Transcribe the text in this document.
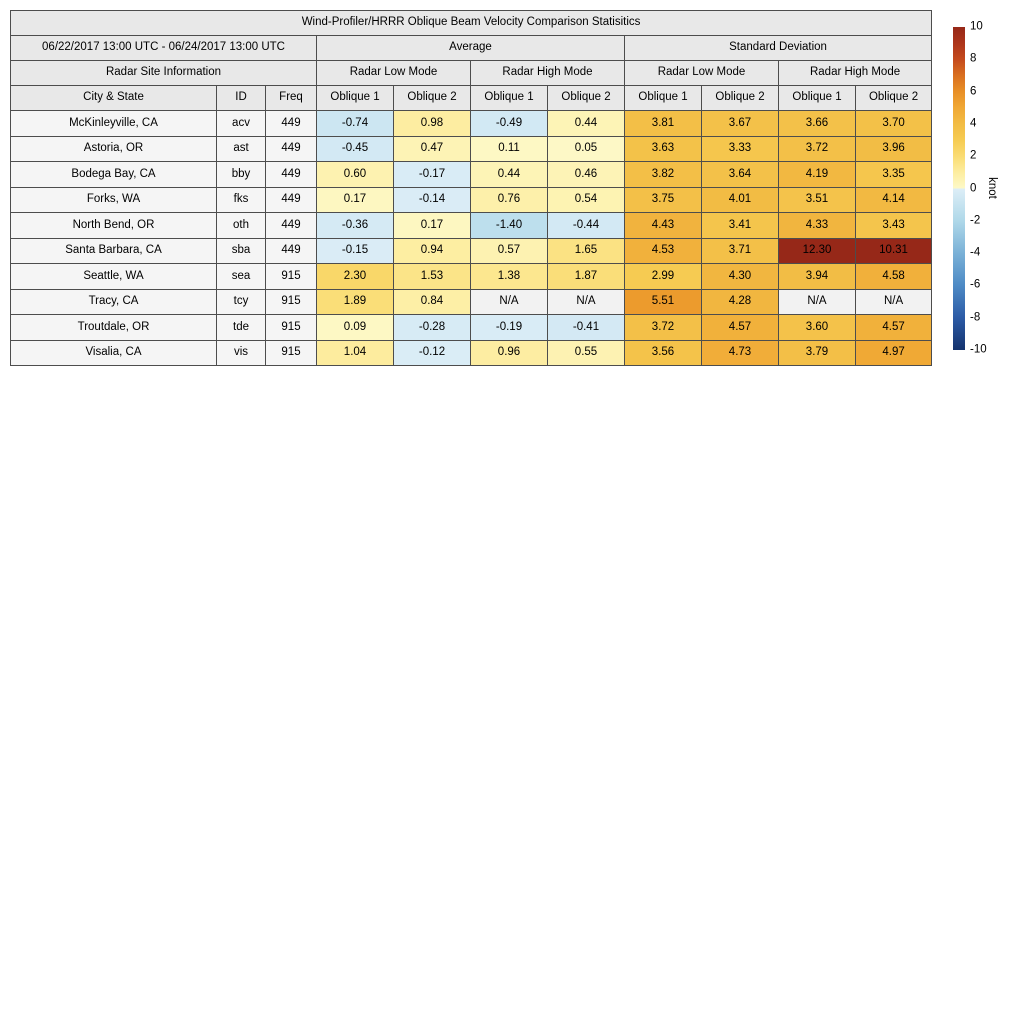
Wind-Profiler/HRRR Oblique Beam Velocity Comparison Statisitics										
06/22/2017 13:00 UTC - 06/24/2017 13:00 UTC			Average				Standard Deviation			
Radar Site Information			Radar Low Mode		Radar High Mode		Radar Low Mode		Radar High Mode	
City & State	ID	Freq	Oblique 1	Oblique 2	Oblique 1	Oblique 2	Oblique 1	Oblique 2	Oblique 1	Oblique 2
McKinleyville, CA	acv	449	-0.74	0.98	-0.49	0.44	3.81	3.67	3.66	3.70
Astoria, OR	ast	449	-0.45	0.47	0.11	0.05	3.63	3.33	3.72	3.96
Bodega Bay, CA	bby	449	0.60	-0.17	0.44	0.46	3.82	3.64	4.19	3.35
Forks, WA	fks	449	0.17	-0.14	0.76	0.54	3.75	4.01	3.51	4.14
North Bend, OR	oth	449	-0.36	0.17	-1.40	-0.44	4.43	3.41	4.33	3.43
Santa Barbara, CA	sba	449	-0.15	0.94	0.57	1.65	4.53	3.71	12.30	10.31
Seattle, WA	sea	915	2.30	1.53	1.38	1.87	2.99	4.30	3.94	4.58
Tracy, CA	tcy	915	1.89	0.84	N/A	N/A	5.51	4.28	N/A	N/A
Troutdale, OR	tde	915	0.09	-0.28	-0.19	-0.41	3.72	4.57	3.60	4.57
Visalia, CA	vis	915	1.04	-0.12	0.96	0.55	3.56	4.73	3.79	4.97
10
8
6
4
2
0
-2
-4
-6
-8
-10
knot
